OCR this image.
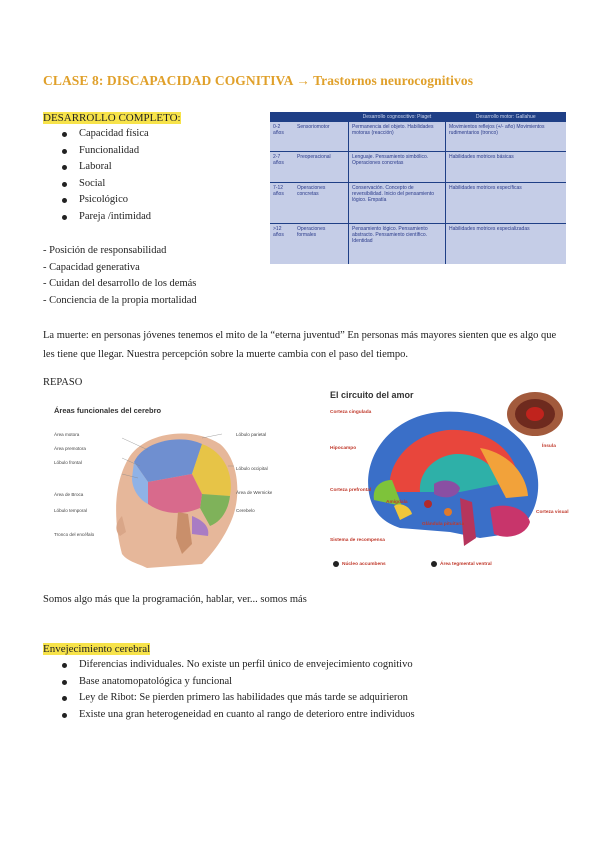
CLASE 8: DISCAPACIDAD COGNITIVA → Trastornos neurocognitivos
DESARROLLO COMPLETO:
Capacidad física
Funcionalidad
Laboral
Social
Psicológico
Pareja /intimidad
- Posición de responsabilidad
- Capacidad generativa
- Cuidan del desarrollo de los demás
- Conciencia de la propia mortalidad
		Desarrollo cognoscitivo: Piaget	Desarrollo motor: Gallahue
0-2 años	Sensoriomotor	Permanencia del objeto. Habilidades motoras (reacción)	Movimientos reflejos (+/- año) Movimientos rudimentarios (tronco)
2-7 años	Preoperacional	Lenguaje. Pensamiento simbólico. Operaciones concretas	Habilidades motrices básicas
7-12 años	Operaciones concretas	Conservación. Concepto de reversibilidad. Inicio del pensamiento lógico. Empatía	Habilidades motrices específicas
>12 años	Operaciones formales	Pensamiento lógico. Pensamiento abstracto. Pensamiento científico. Identidad	Habilidades motrices especializadas
La muerte: en personas jóvenes tenemos el mito de la “eterna juventud” En personas más mayores sienten que es algo que les tiene que llegar. Nuestra percepción sobre la muerte cambia con el paso del tiempo.
REPASO
Áreas funcionales del cerebro
Área motora
Área premotora
Lóbulo frontal
Área de Broca
Lóbulo temporal
Tronco del encéfalo
Lóbulo parietal
Lóbulo occipital
Área de Wernicke
Cerebelo
El circuito del amor
Corteza cingulada
Hipocampo
Corteza prefrontal
Amígdala
Glándula pituitaria
Ínsula
Corteza visual
Sistema de recompensa
Núcleo accumbens	Área tegmental ventral
Somos algo más que la programación, hablar, ver... somos más
Envejecimiento cerebral
Diferencias individuales. No existe un perfil único de envejecimiento cognitivo
Base anatomopatológica y funcional
Ley de Ribot: Se pierden primero las habilidades que más tarde se adquirieron
Existe una gran heterogeneidad en cuanto al rango de deterioro entre individuos
